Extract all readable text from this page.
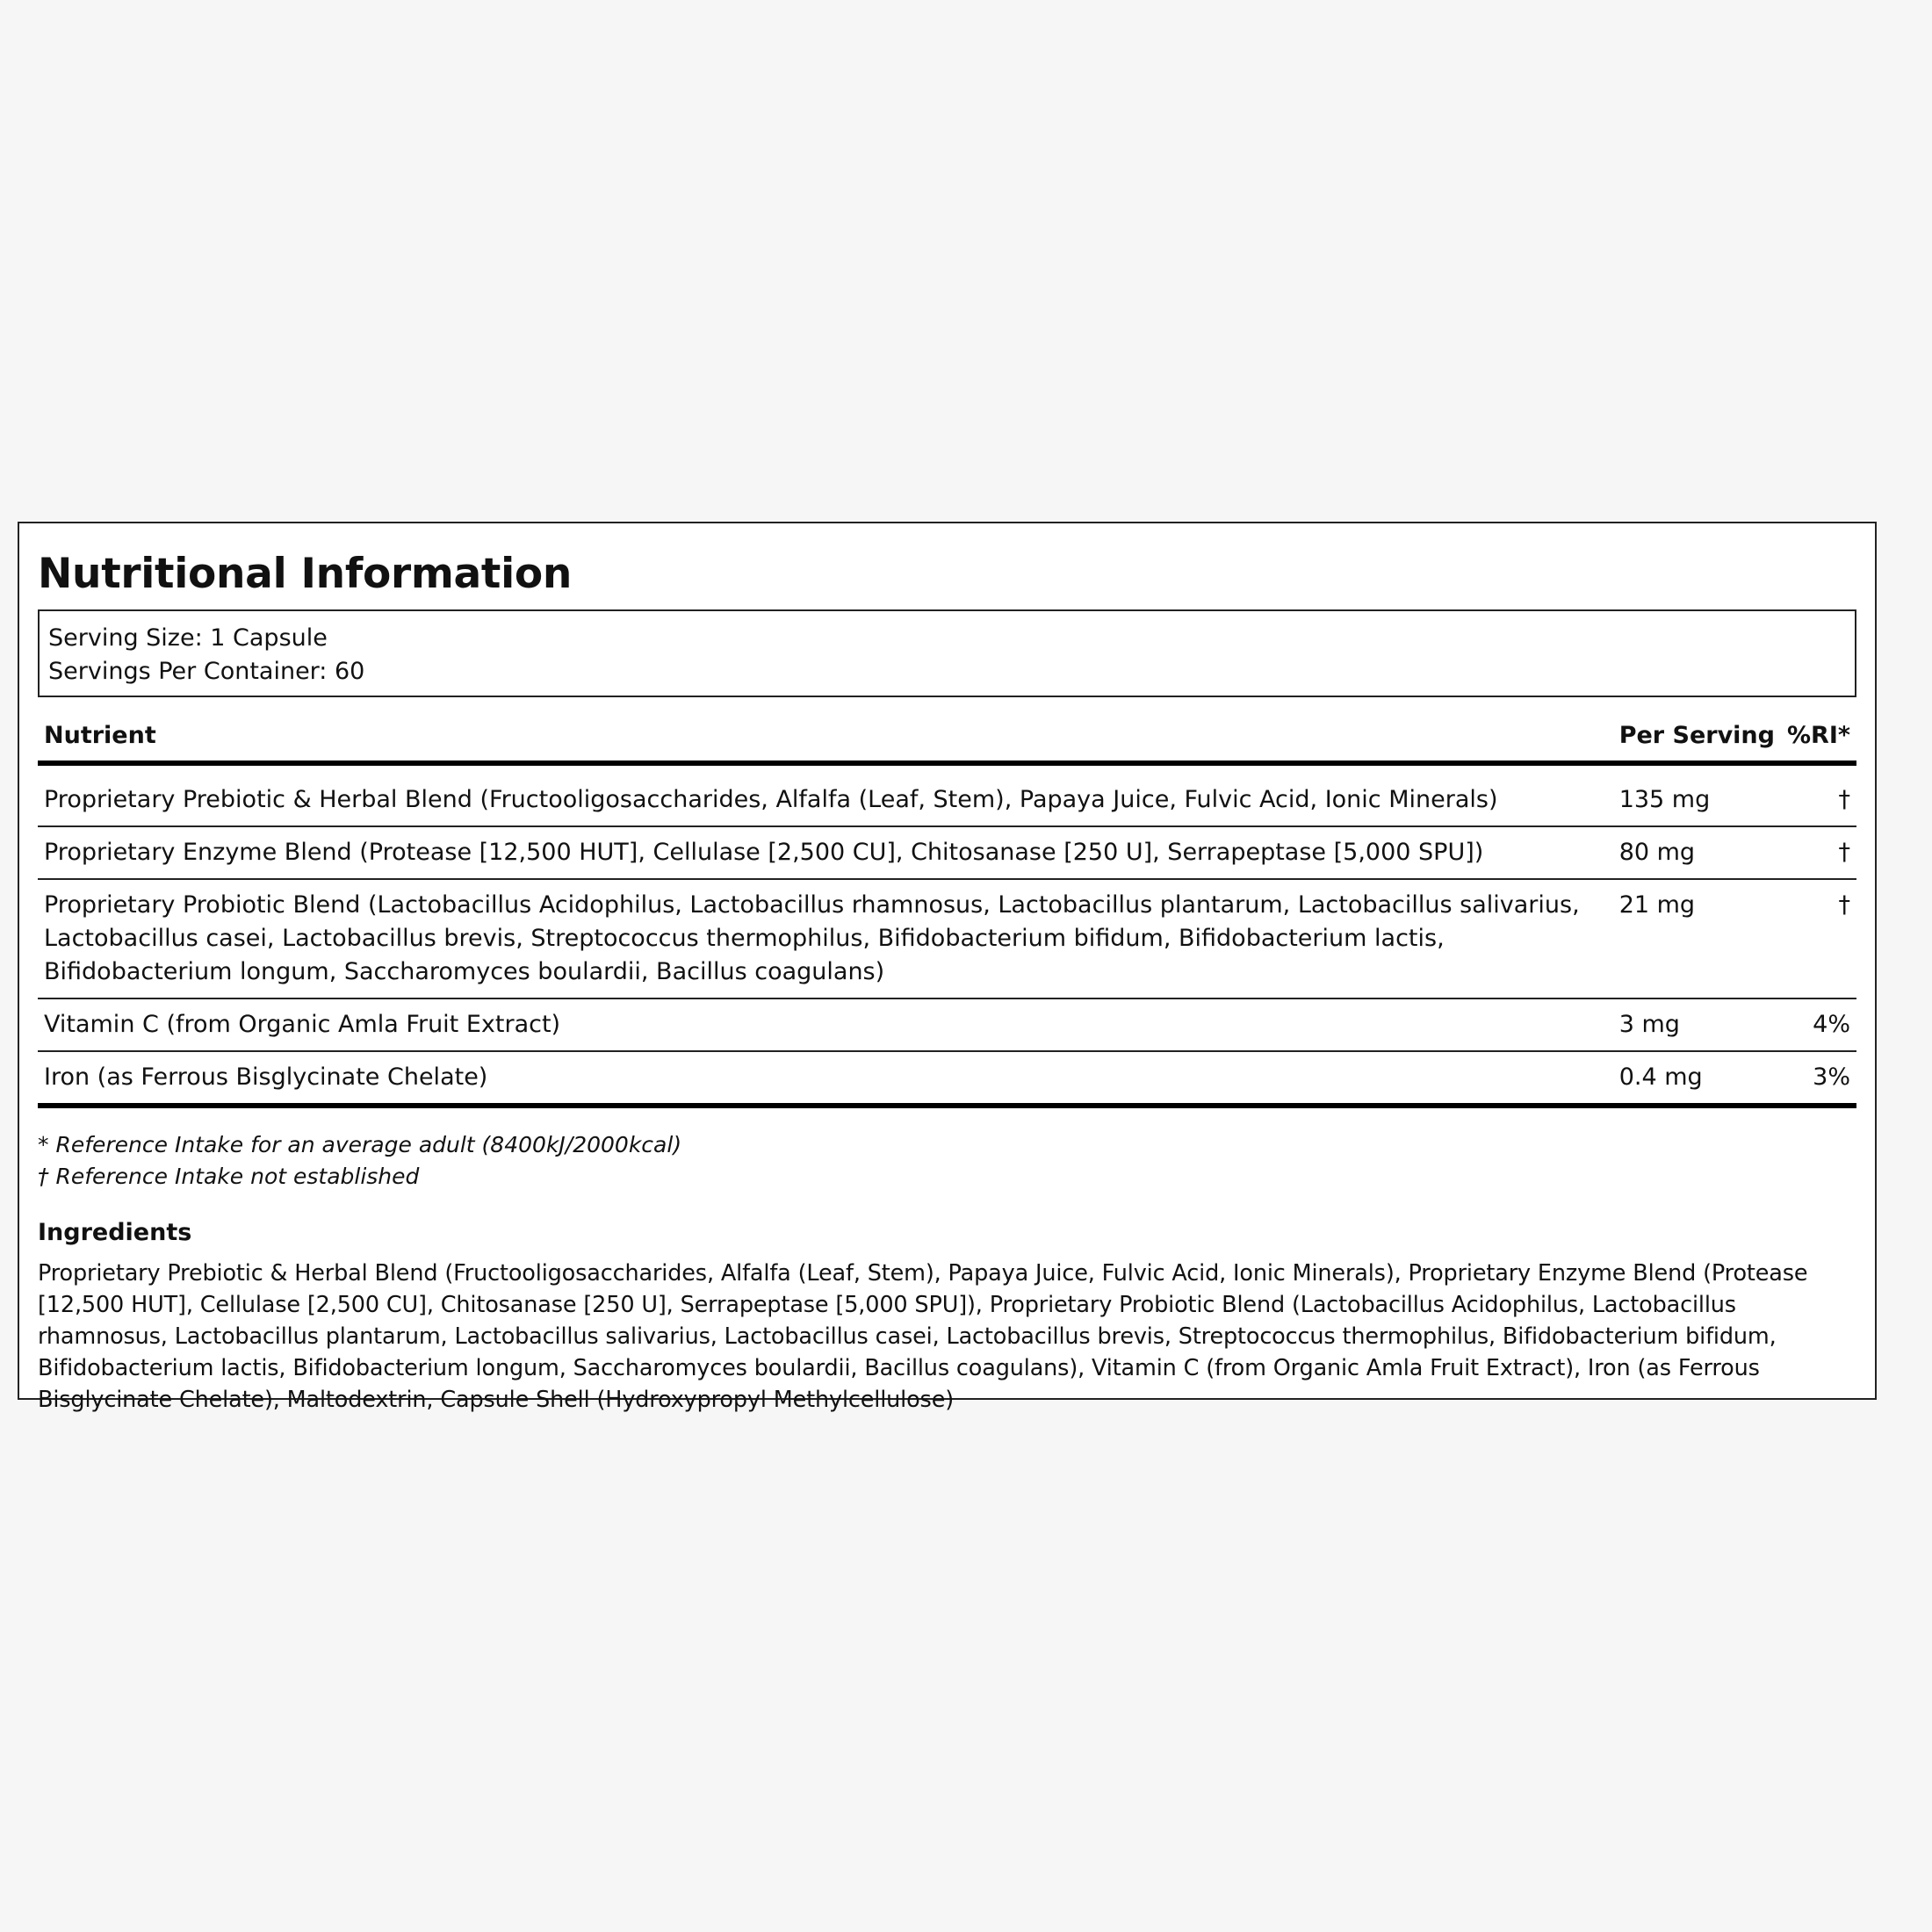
Nutritional Information
Serving Size: 1 Capsule
Servings Per Container: 60
Nutrient	Per Serving	%RI*
Proprietary Prebiotic & Herbal Blend (Fructooligosaccharides, Alfalfa (Leaf, Stem), Papaya Juice, Fulvic Acid, Ionic Minerals)	135 mg	†
Proprietary Enzyme Blend (Protease [12,500 HUT], Cellulase [2,500 CU], Chitosanase [250 U], Serrapeptase [5,000 SPU])	80 mg	†
Proprietary Probiotic Blend (Lactobacillus Acidophilus, Lactobacillus rhamnosus, Lactobacillus plantarum, Lactobacillus salivarius, Lactobacillus casei, Lactobacillus brevis, Streptococcus thermophilus, Bifidobacterium bifidum, Bifidobacterium lactis, Bifidobacterium longum, Saccharomyces boulardii, Bacillus coagulans)	21 mg	†
Vitamin C (from Organic Amla Fruit Extract)	3 mg	4%
Iron (as Ferrous Bisglycinate Chelate)	0.4 mg	3%
* Reference Intake for an average adult (8400kJ/2000kcal)
† Reference Intake not established
Ingredients
Proprietary Prebiotic & Herbal Blend (Fructooligosaccharides, Alfalfa (Leaf, Stem), Papaya Juice, Fulvic Acid, Ionic Minerals), Proprietary Enzyme Blend (Protease [12,500 HUT], Cellulase [2,500 CU], Chitosanase [250 U], Serrapeptase [5,000 SPU]), Proprietary Probiotic Blend (Lactobacillus Acidophilus, Lactobacillus rhamnosus, Lactobacillus plantarum, Lactobacillus salivarius, Lactobacillus casei, Lactobacillus brevis, Streptococcus thermophilus, Bifidobacterium bifidum, Bifidobacterium lactis, Bifidobacterium longum, Saccharomyces boulardii, Bacillus coagulans), Vitamin C (from Organic Amla Fruit Extract), Iron (as Ferrous Bisglycinate Chelate), Maltodextrin, Capsule Shell (Hydroxypropyl Methylcellulose)
